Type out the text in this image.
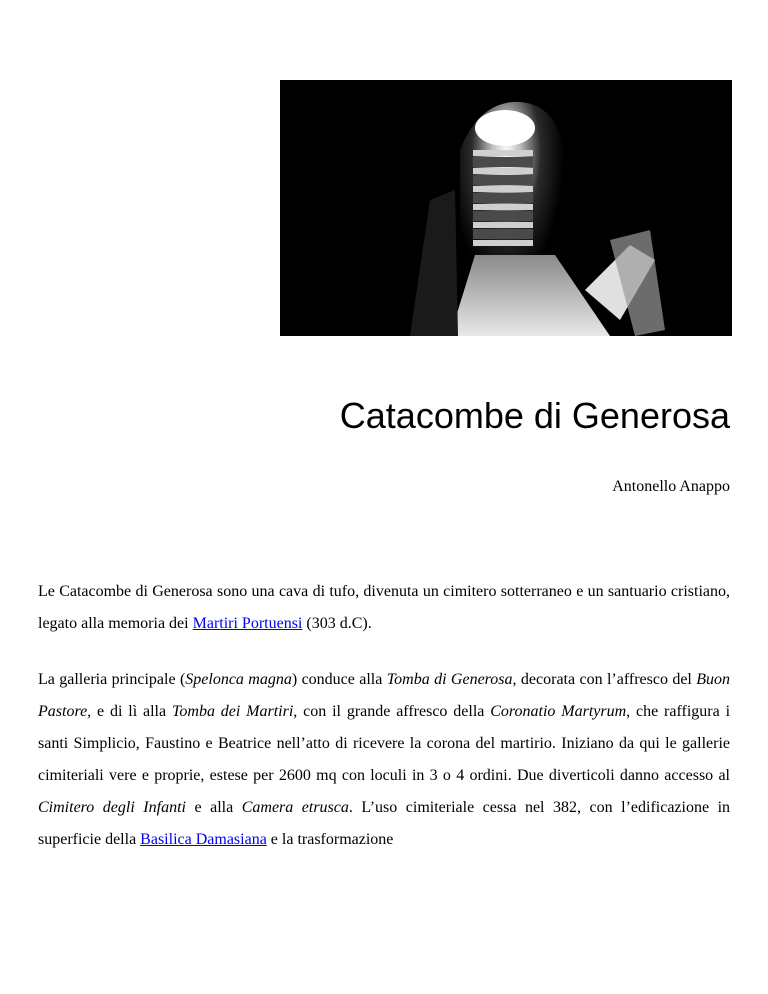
Catacombe di Generosa
Antonello Anappo

Le Catacombe di Generosa sono una cava di tufo, divenuta un cimitero sotterraneo e un santuario cristiano, legato alla memoria dei Martiri Portuensi (303 d.C).

La galleria principale (Spelonca magna) conduce alla Tomba di Generosa, decorata con l’affresco del Buon Pastore, e di lì alla Tomba dei Martiri, con il grande affresco della Coronatio Martyrum, che raffigura i santi Simplicio, Faustino e Beatrice nell’atto di ricevere la corona del martirio. Iniziano da qui le gallerie cimiteriali vere e proprie, estese per 2600 mq con loculi in 3 o 4 ordini. Due diverticoli danno accesso al Cimitero degli Infanti e alla Camera etrusca. L’uso cimiteriale cessa nel 382, con l’edificazione in superficie della Basilica Damasiana e la trasformazione
